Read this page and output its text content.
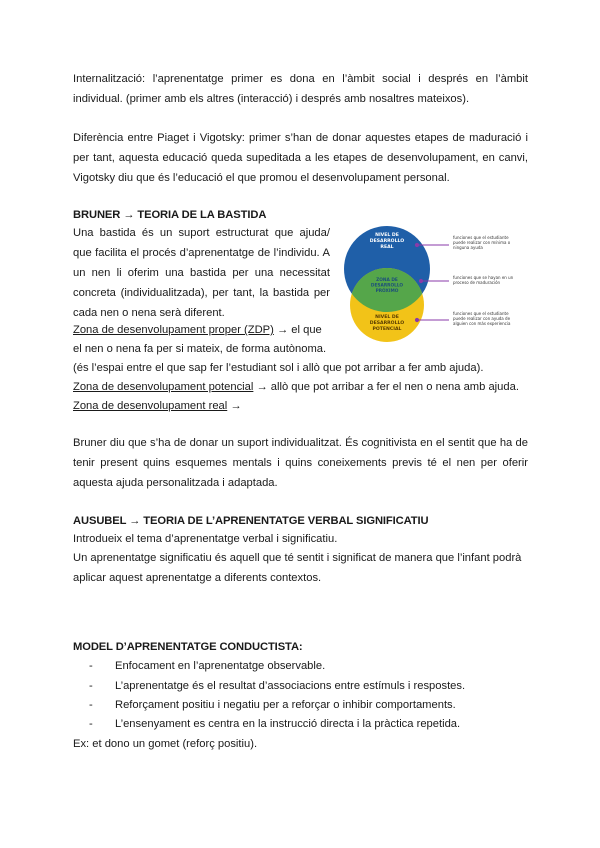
Internalització: l’aprenentatge primer es dona en l’àmbit social i després en l’àmbit individual. (primer amb els altres (interacció) i després amb nosaltres mateixos).

Diferència entre Piaget i Vigotsky: primer s’han de donar aquestes etapes de maduració i per tant, aquesta educació queda supeditada a les etapes de desenvolupament, en canvi, Vigotsky diu que és l’educació el que promou el desenvolupament personal.

BRUNER → TEORIA DE LA BASTIDA

Una bastida és un suport estructurat que ajuda/ que facilita el procés d’aprenentatge de l’individu. A un nen li oferim una bastida per una necessitat concreta (individualitzada), per tant, la bastida per cada nen o nena serà diferent.

Zona de desenvolupament proper (ZDP) → el que
el nen o nena fa per si mateix, de forma autònoma.
(és l’espai entre el que sap fer l’estudiant sol i allò que pot arribar a fer amb ajuda).
Zona de desenvolupament potencial → allò que pot arribar a fer el nen o nena amb ajuda.
Zona de desenvolupament real →

Bruner diu que s’ha de donar un suport individualitzat. És cognitivista en el sentit que ha de tenir present quins esquemes mentals i quins coneixements previs té el nen per oferir aquesta ajuda personalitzada i adaptada.

NIVEL DE DESARROLLO REAL
ZONA DE DESARROLLO PRÓXIMO
NIVEL DE DESARROLLO POTENCIAL
funciones que el estudiante puede realizar con mínima o ninguna ayuda
funciones que se hayan en un proceso de maduración
funciones que el estudiante puede realizar con ayuda de alguien con más experiencia
AUSUBEL → TEORIA DE L’APRENENTATGE VERBAL SIGNIFICATIU
Introdueix el tema d’aprenentatge verbal i significatiu.

Un aprenentatge significatiu és aquell que té sentit i significat de manera que l’infant podrà aplicar aquest aprenentatge a diferents contextos.

MODEL D’APRENENTATGE CONDUCTISTA:
- Enfocament en l’aprenentatge observable.
- L’aprenentatge és el resultat d’associacions entre estímuls i respostes.
- Reforçament positiu i negatiu per a reforçar o inhibir comportaments.
- L’ensenyament es centra en la instrucció directa i la pràctica repetida.
Ex: et dono un gomet (reforç positiu).
